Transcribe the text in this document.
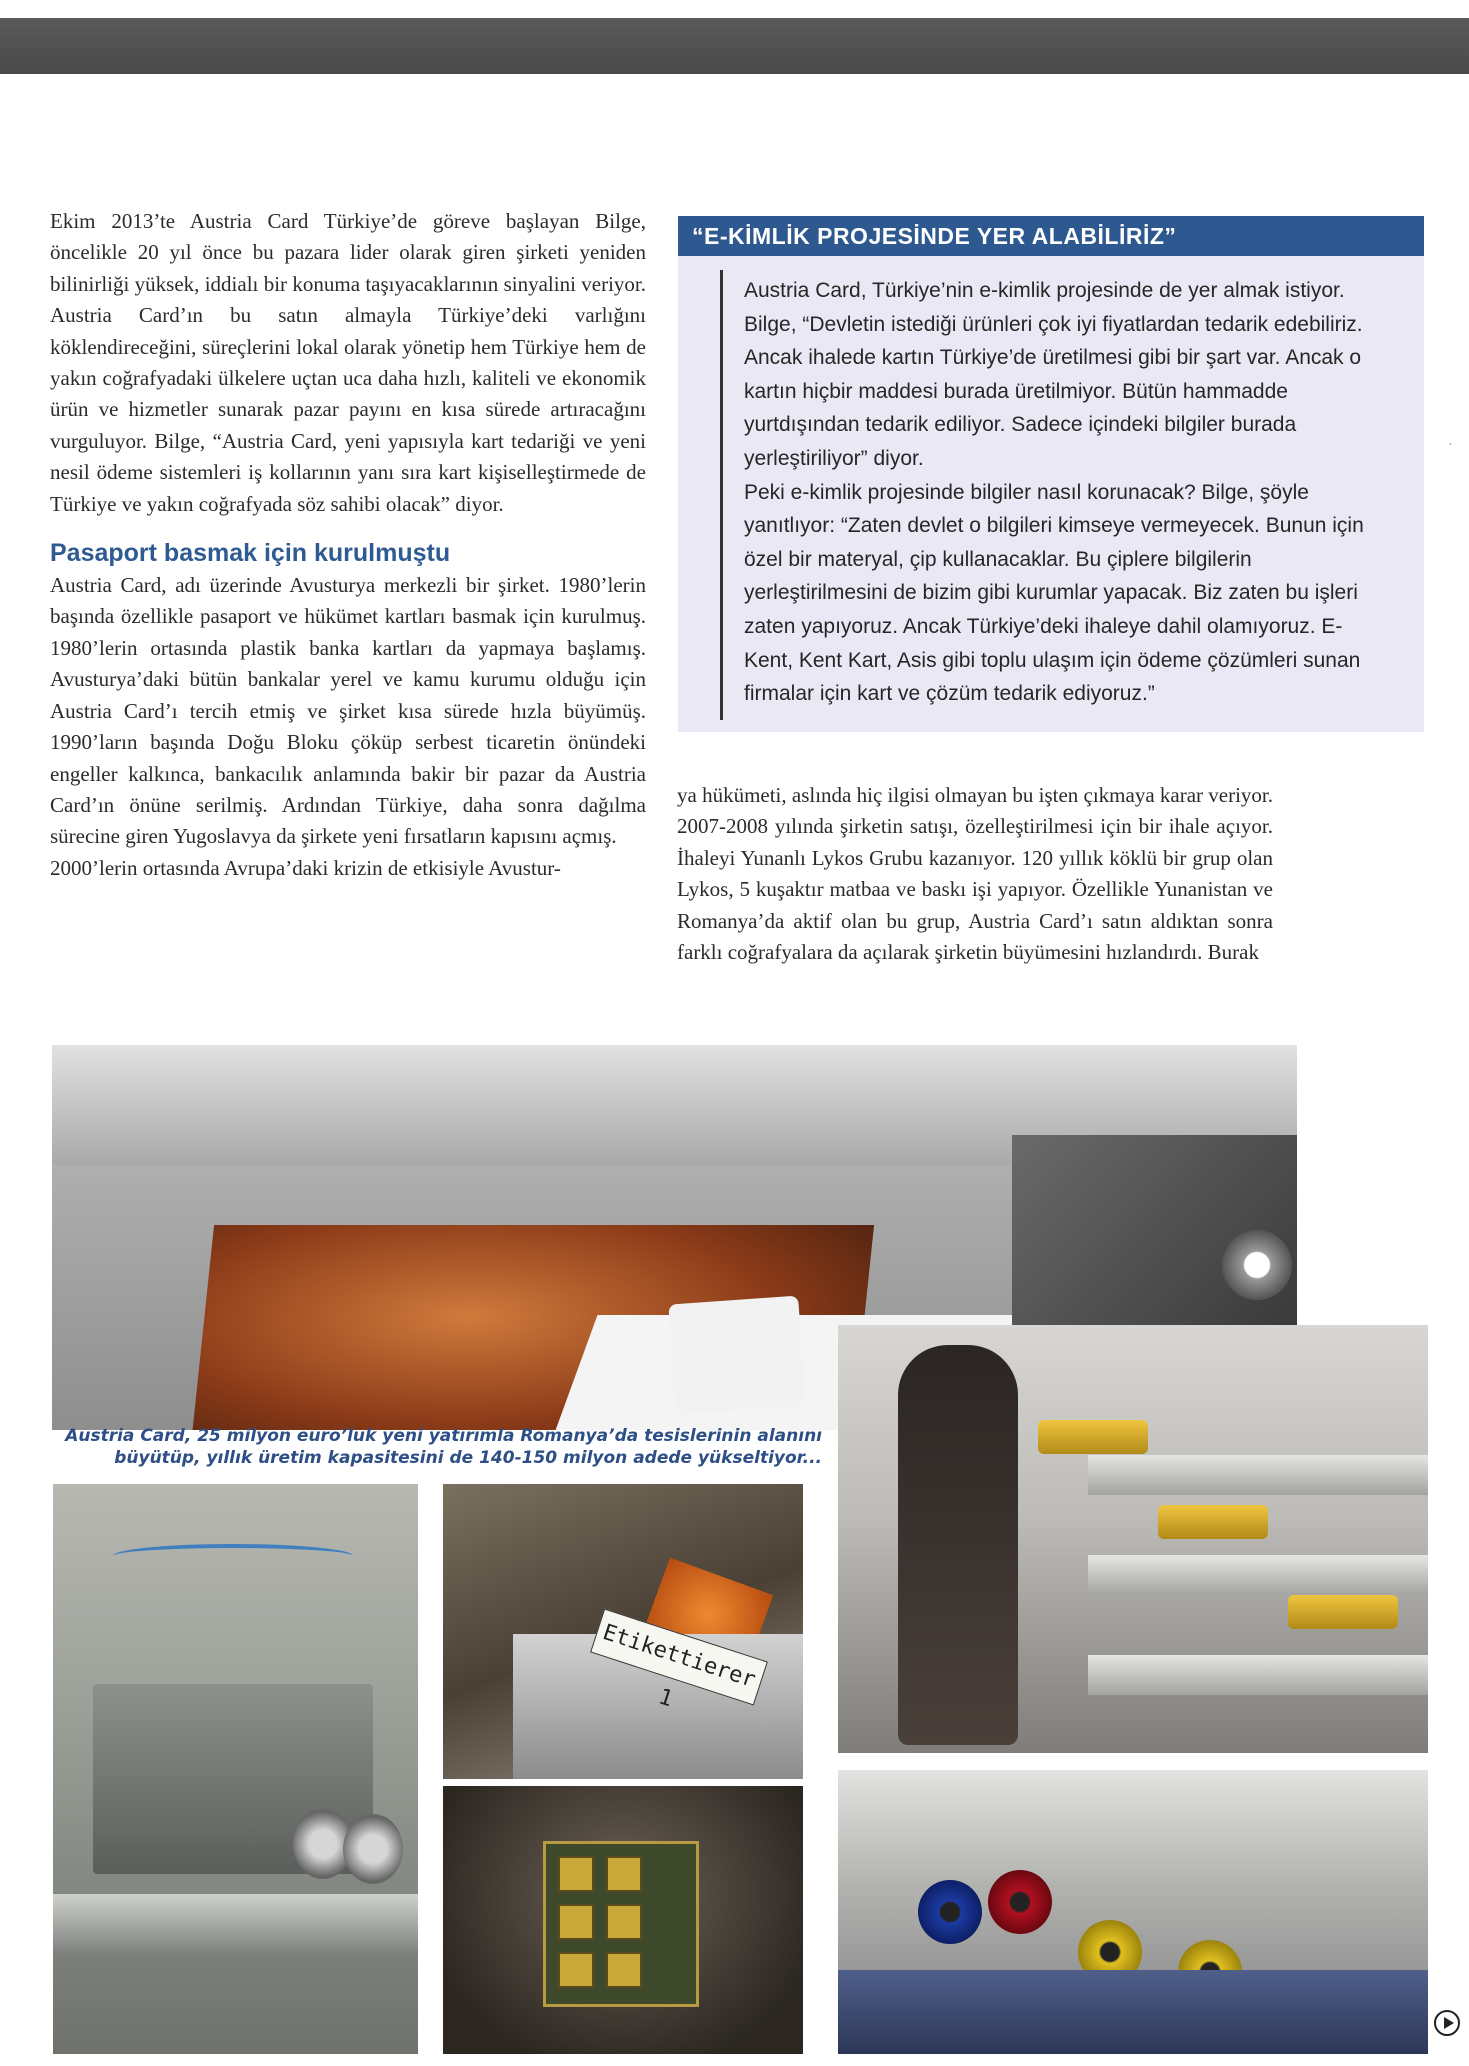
Ekim 2013’te Austria Card Türkiye’de göreve başlayan Bilge, öncelikle 20 yıl önce bu pazara lider olarak giren şirketi yeniden bilinirliği yüksek, iddialı bir konuma taşıyacaklarının sinyalini veriyor. Austria Card’ın bu satın almayla Türkiye’deki varlığını köklendireceğini, süreçlerini lokal olarak yönetip hem Türkiye hem de yakın coğrafyadaki ülkelere uçtan uca daha hızlı, kaliteli ve ekonomik ürün ve hizmetler sunarak pazar payını en kısa sürede artıracağını vurguluyor. Bilge, “Austria Card, yeni yapısıyla kart tedariği ve yeni nesil ödeme sistemleri iş kollarının yanı sıra kart kişiselleştirmede de Türkiye ve yakın coğrafyada söz sahibi olacak” diyor.

Pasaport basmak için kurulmuştu

Austria Card, adı üzerinde Avusturya merkezli bir şirket. 1980’lerin başında özellikle pasaport ve hükümet kartları basmak için kurulmuş. 1980’lerin ortasında plastik banka kartları da yapmaya başlamış. Avusturya’daki bütün bankalar yerel ve kamu kurumu olduğu için Austria Card’ı tercih etmiş ve şirket kısa sürede hızla büyümüş. 1990’ların başında Doğu Bloku çöküp serbest ticaretin önündeki engeller kalkınca, bankacılık anlamında bakir bir pazar da Austria Card’ın önüne serilmiş. Ardından Türkiye, daha sonra dağılma sürecine giren Yugoslavya da şirkete yeni fırsatların kapısını açmış.

2000’lerin ortasında Avrupa’daki krizin de etkisiyle Avustur-

“E-KİMLİK PROJESİNDE YER ALABİLİRİZ”

Austria Card, Türkiye’nin e-kimlik projesinde de yer almak istiyor. Bilge, “Devletin istediği ürünleri çok iyi fiyatlardan tedarik edebiliriz. Ancak ihalede kartın Türkiye’de üretilmesi gibi bir şart var. Ancak o kartın hiçbir maddesi burada üretilmiyor. Bütün hammadde yurtdışından tedarik ediliyor. Sadece içindeki bilgiler burada yerleştiriliyor” diyor.

Peki e-kimlik projesinde bilgiler nasıl korunacak? Bilge, şöyle yanıtlıyor: “Zaten devlet o bilgileri kimseye vermeyecek. Bunun için özel bir materyal, çip kullanacaklar. Bu çiplere bilgilerin yerleştirilmesini de bizim gibi kurumlar yapacak. Biz zaten bu işleri zaten yapıyoruz. Ancak Türkiye’deki ihaleye dahil olamıyoruz. E-Kent, Kent Kart, Asis gibi toplu ulaşım için ödeme çözümleri sunan firmalar için kart ve çözüm tedarik ediyoruz.”

ya hükümeti, aslında hiç ilgisi olmayan bu işten çıkmaya karar veriyor. 2007-2008 yılında şirketin satışı, özelleştirilmesi için bir ihale açıyor. İhaleyi Yunanlı Lykos Grubu kazanıyor. 120 yıllık köklü bir grup olan Lykos, 5 kuşaktır matbaa ve baskı işi yapıyor. Özellikle Yunanistan ve Romanya’da aktif olan bu grup, Austria Card’ı satın aldıktan sonra farklı coğrafyalara da açılarak şirketin büyümesini hızlandırdı. Burak

·
Austria Card, 25 milyon euro’luk yeni yatırımla Romanya’da tesislerinin alanını büyütüp, yıllık üretim kapasitesini de 140-150 milyon adede yükseltiyor...
Etikettierer 1
